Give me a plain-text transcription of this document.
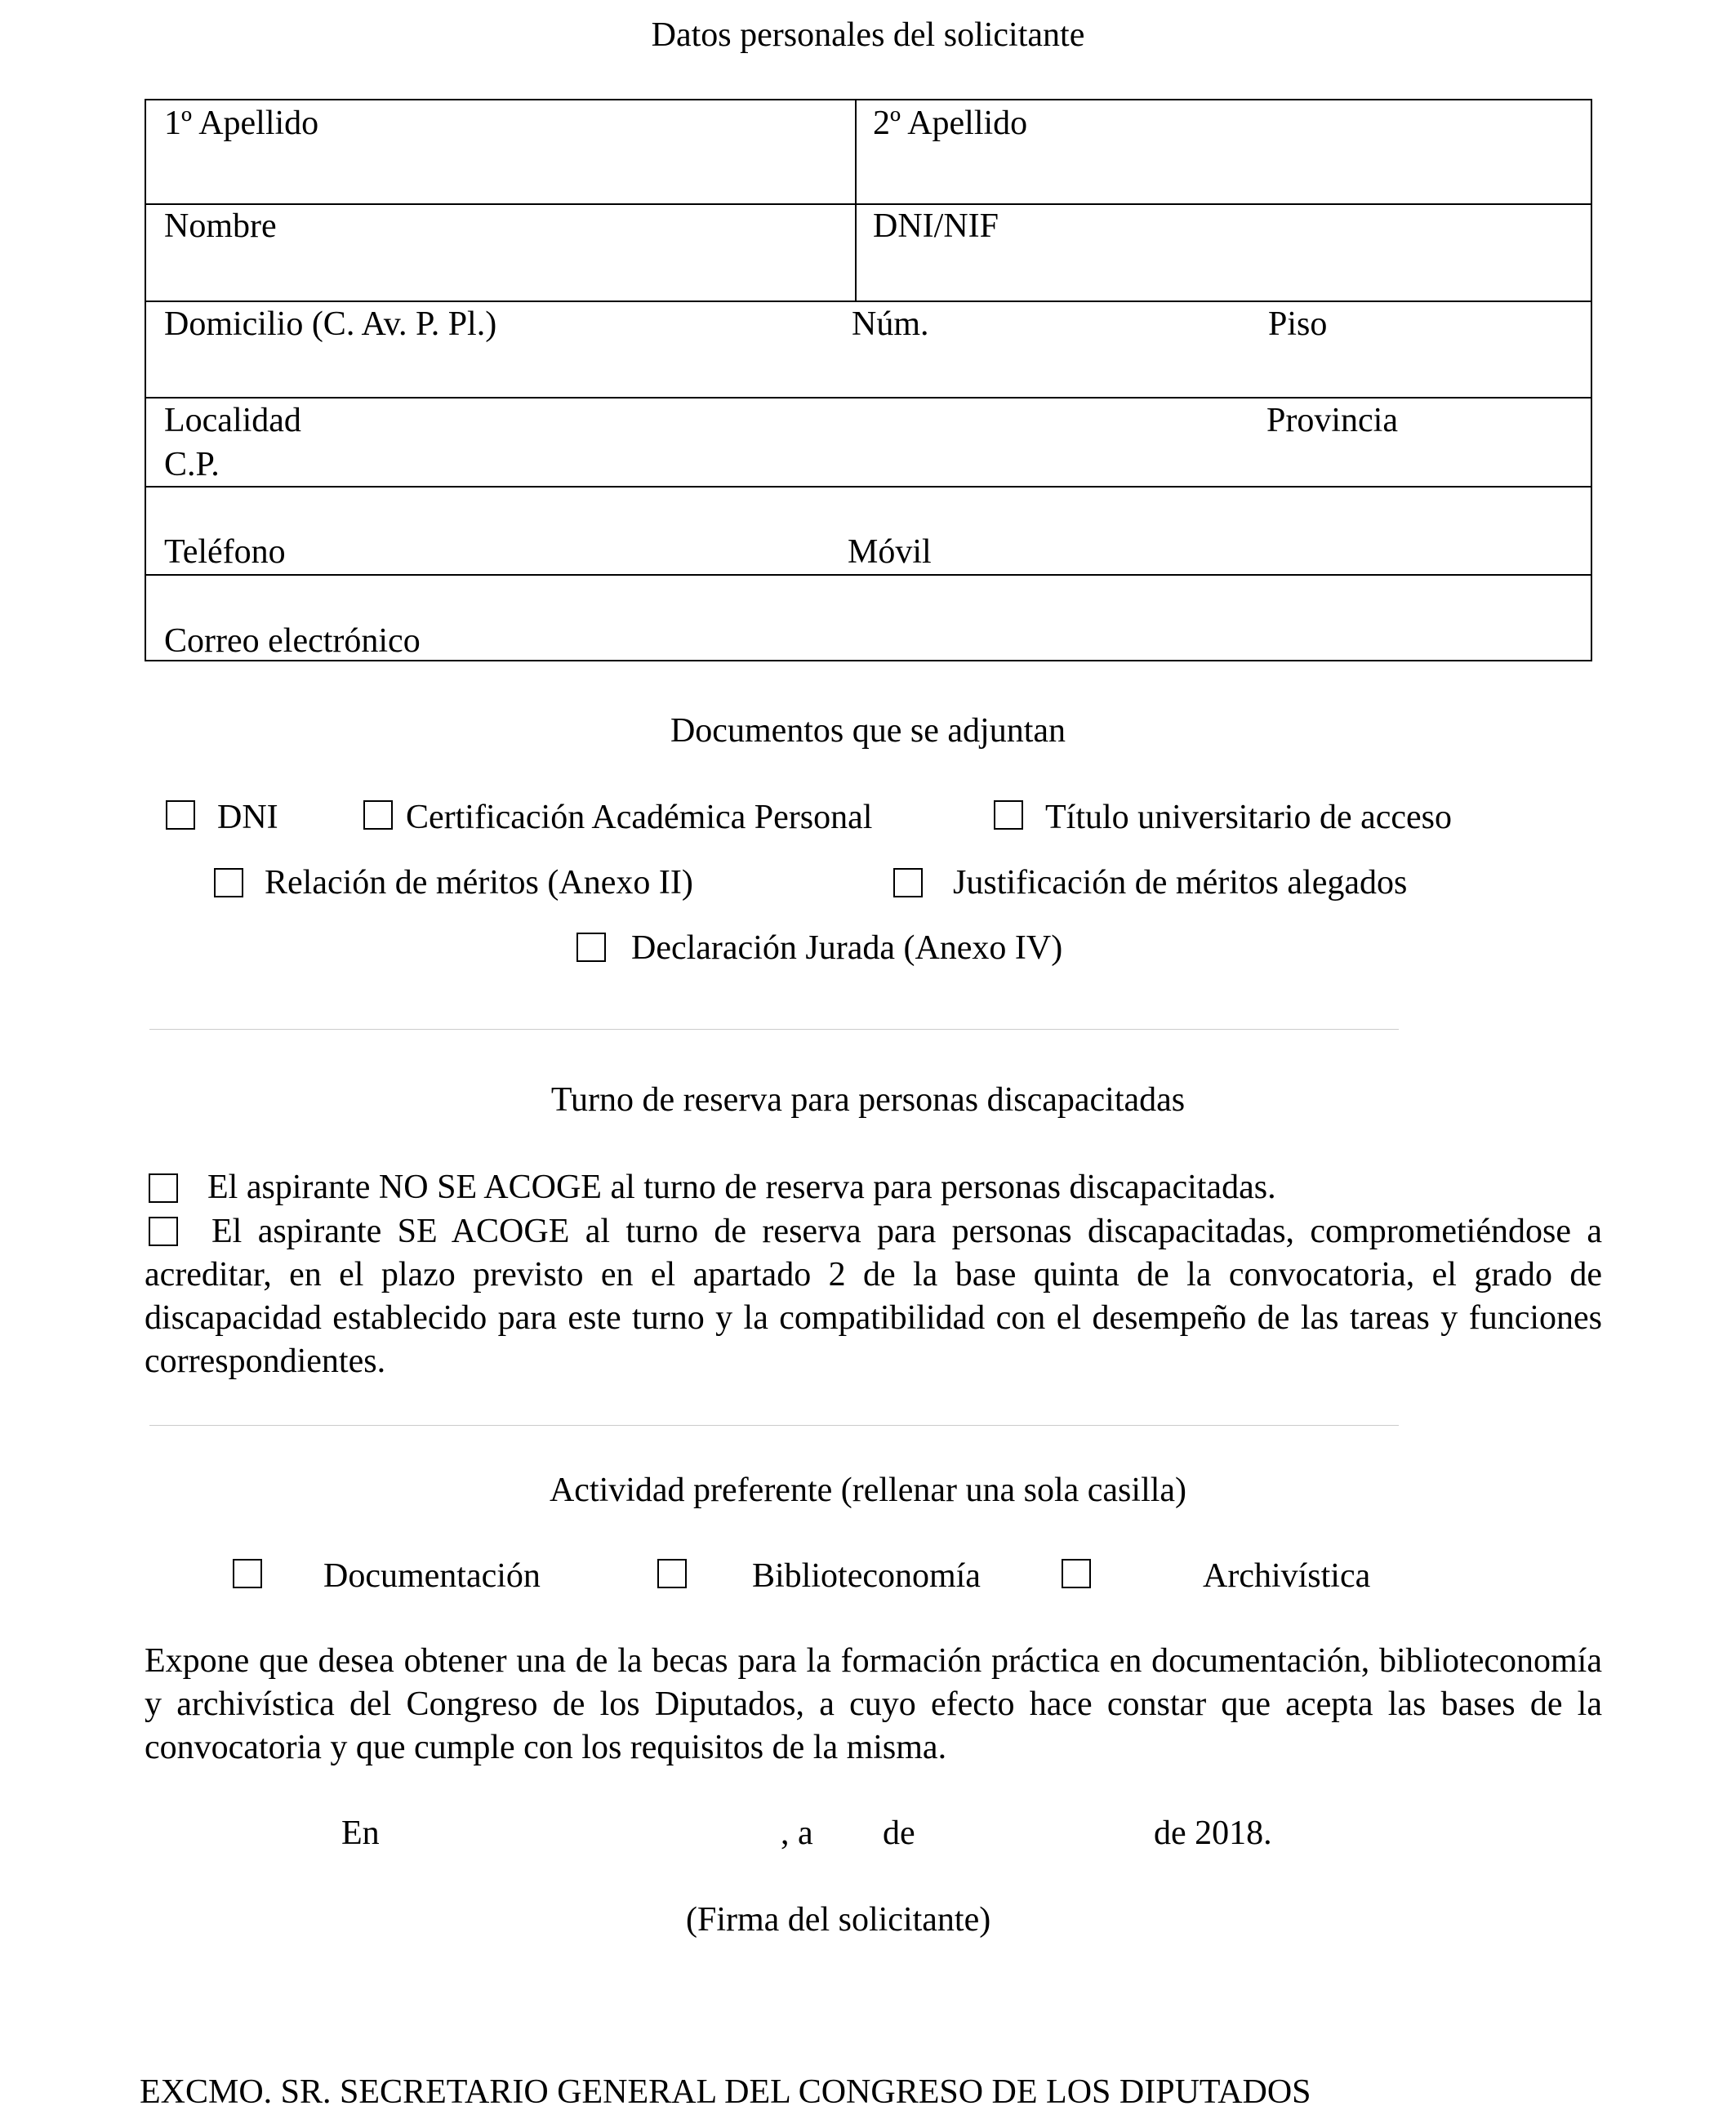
Datos personales del solicitante
1º Apellido	2º Apellido
Nombre	DNI/NIF
Domicilio (C. Av. P. Pl.)	Núm.	Piso
Localidad	Provincia
C.P.
Teléfono	Móvil
Correo electrónico
Documentos que se adjuntan
DNI	Certificación Académica Personal	Título universitario de acceso
Relación de méritos (Anexo II)	Justificación de méritos alegados
Declaración Jurada (Anexo IV)
Turno de reserva para personas discapacitadas
El aspirante NO SE ACOGE al turno de reserva para personas discapacitadas.
El aspirante SE ACOGE al turno de reserva para personas discapacitadas, comprometiéndose a acreditar, en el plazo previsto en el apartado 2 de la base quinta de la convocatoria, el grado de discapacidad establecido para este turno y la compatibilidad con el desempeño de las tareas y funciones correspondientes.
Actividad preferente (rellenar una sola casilla)
Documentación	Biblioteconomía	Archivística
Expone que desea obtener una de la becas para la formación práctica en documentación, biblioteconomía y archivística del Congreso de los Diputados, a cuyo efecto hace constar que acepta las bases de la convocatoria y que cumple con los requisitos de la misma.
En	, a de	de 2018.
(Firma del solicitante)
EXCMO. SR. SECRETARIO GENERAL DEL CONGRESO DE LOS DIPUTADOS
